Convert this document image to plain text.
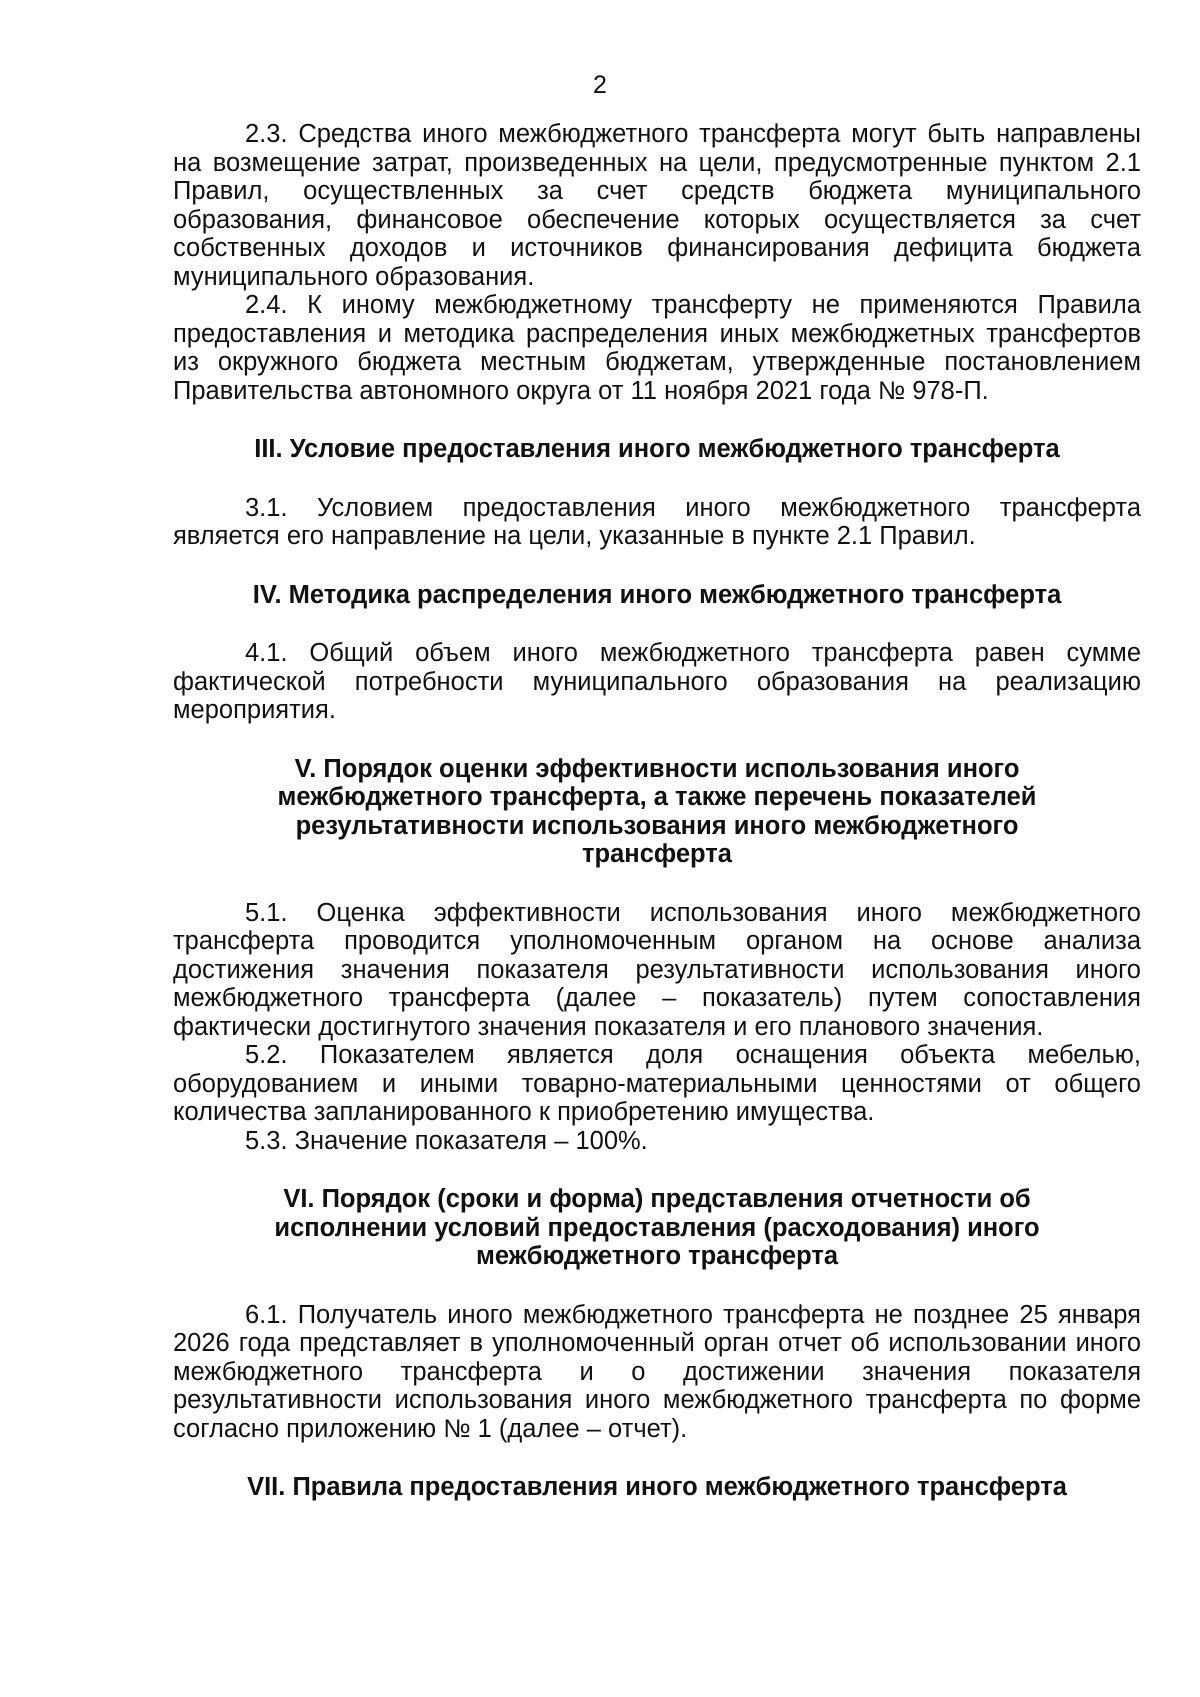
2

2.3. Средства иного межбюджетного трансферта могут быть направлены на возмещение затрат, произведенных на цели, предусмотренные пунктом 2.1 Правил, осуществленных за счет средств бюджета муниципального образования, финансовое обеспечение которых осуществляется за счет собственных доходов и источников финансирования дефицита бюджета муниципального образования.

2.4. К иному межбюджетному трансферту не применяются Правила предоставления и методика распределения иных межбюджетных трансфертов из окружного бюджета местным бюджетам, утвержденные постановлением Правительства автономного округа от 11 ноября 2021 года № 978-П.

III. Условие предоставления иного межбюджетного трансферта

3.1. Условием предоставления иного межбюджетного трансферта является его направление на цели, указанные в пункте 2.1 Правил.

IV. Методика распределения иного межбюджетного трансферта

4.1. Общий объем иного межбюджетного трансферта равен сумме фактической потребности муниципального образования на реализацию мероприятия.

V. Порядок оценки эффективности использования иного межбюджетного трансферта, а также перечень показателей результативности использования иного межбюджетного трансферта

5.1. Оценка эффективности использования иного межбюджетного трансферта проводится уполномоченным органом на основе анализа достижения значения показателя результативности использования иного межбюджетного трансферта (далее – показатель) путем сопоставления фактически достигнутого значения показателя и его планового значения.

5.2. Показателем является доля оснащения объекта мебелью, оборудованием и иными товарно-материальными ценностями от общего количества запланированного к приобретению имущества.

5.3. Значение показателя – 100%.

VI. Порядок (сроки и форма) представления отчетности об исполнении условий предоставления (расходования) иного межбюджетного трансферта

6.1. Получатель иного межбюджетного трансферта не позднее 25 января 2026 года представляет в уполномоченный орган отчет об использовании иного межбюджетного трансферта и о достижении значения показателя результативности использования иного межбюджетного трансферта по форме согласно приложению № 1 (далее – отчет).

VII. Правила предоставления иного межбюджетного трансферта
